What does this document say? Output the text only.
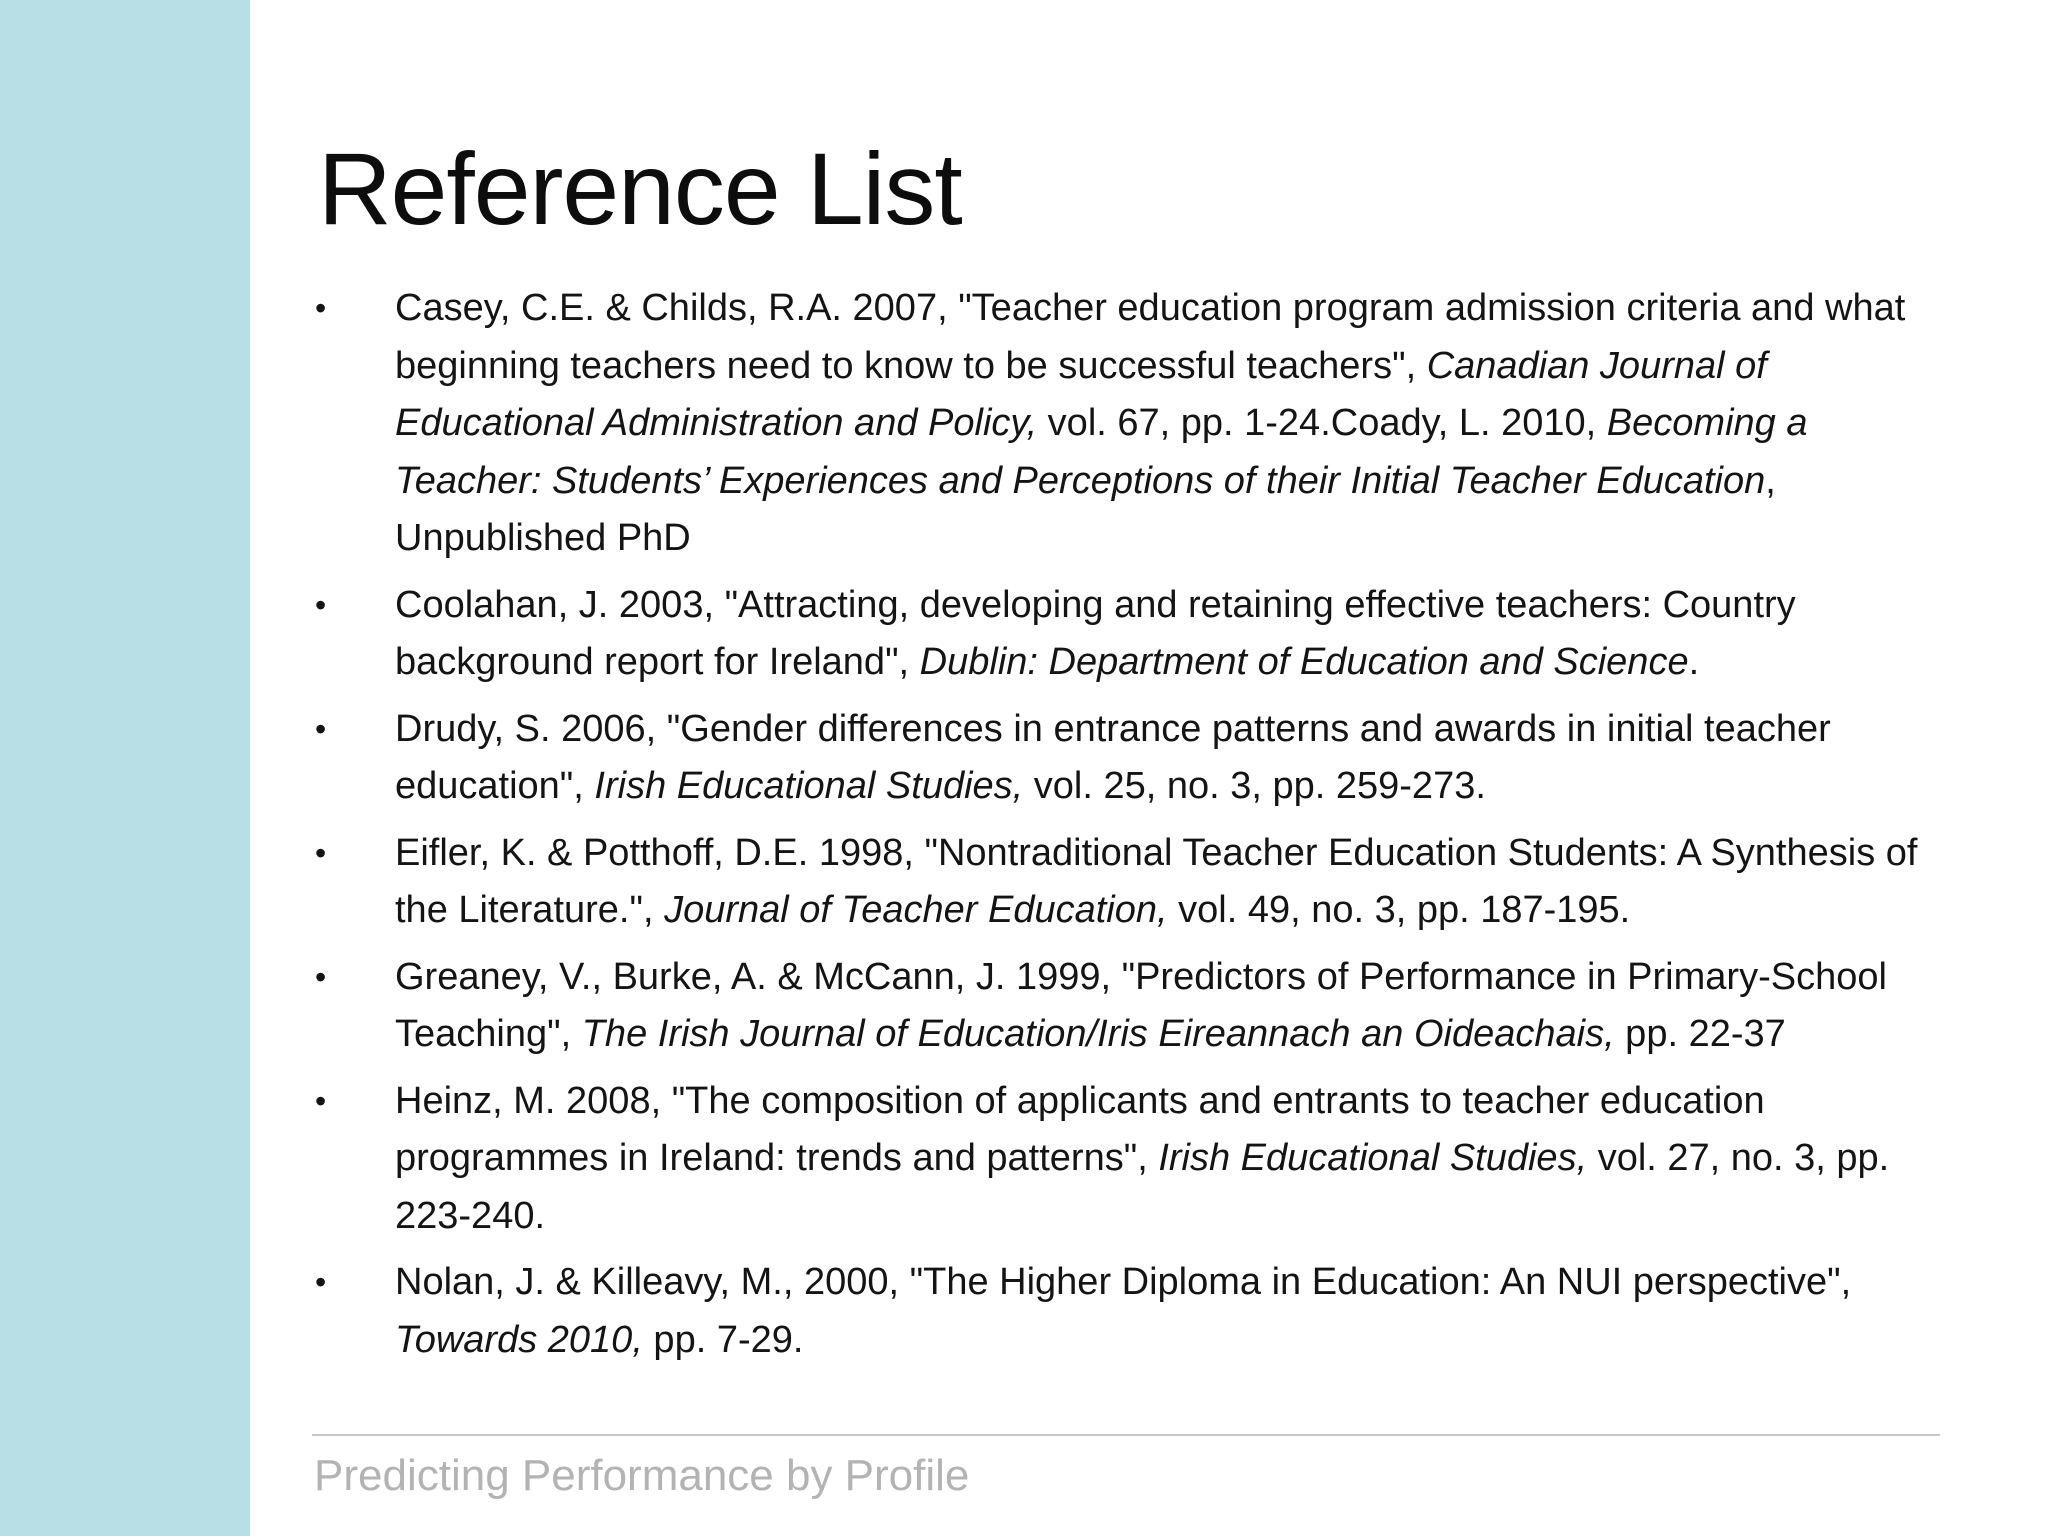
Reference List
•	Casey, C.E. & Childs, R.A. 2007, "Teacher education program admission criteria and what beginning teachers need to know to be successful teachers", Canadian Journal of Educational Administration and Policy, vol. 67, pp. 1-24.Coady, L. 2010, Becoming a Teacher: Students’ Experiences and Perceptions of their Initial Teacher Education, Unpublished PhD
•	Coolahan, J. 2003, "Attracting, developing and retaining effective teachers: Country background report for Ireland", Dublin: Department of Education and Science.
•	Drudy, S. 2006, "Gender differences in entrance patterns and awards in initial teacher education", Irish Educational Studies, vol. 25, no. 3, pp. 259-273.
•	Eifler, K. & Potthoff, D.E. 1998, "Nontraditional Teacher Education Students: A Synthesis of the Literature.", Journal of Teacher Education, vol. 49, no. 3, pp. 187-195.
•	Greaney, V., Burke, A. & McCann, J. 1999, "Predictors of Performance in Primary-School Teaching", The Irish Journal of Education/Iris Eireannach an Oideachais, pp. 22-37
•	Heinz, M. 2008, "The composition of applicants and entrants to teacher education programmes in Ireland: trends and patterns", Irish Educational Studies, vol. 27, no. 3, pp. 223-240.
•	Nolan, J. & Killeavy, M., 2000, "The Higher Diploma in Education: An NUI perspective", Towards 2010, pp. 7-29.
Predicting Performance by Profile
